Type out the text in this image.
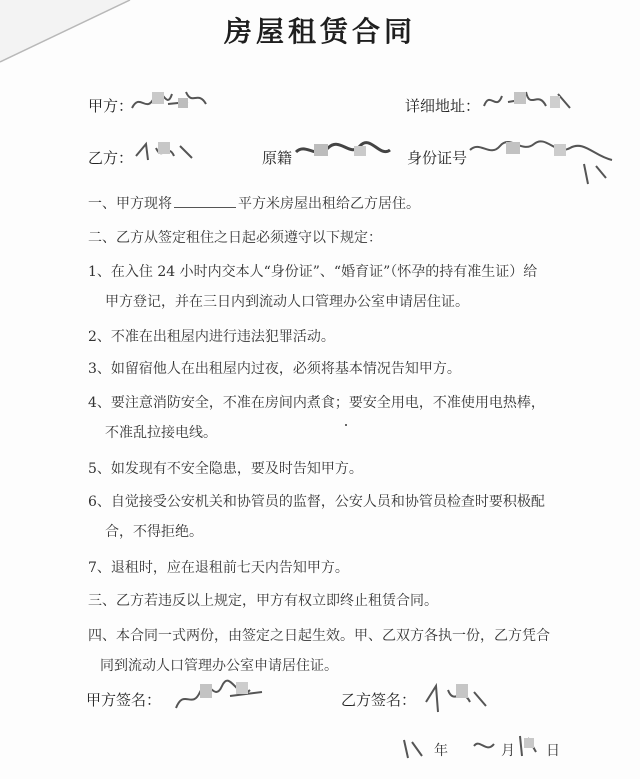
房屋租赁合同
甲方：	详细地址：
乙方：	原籍	身份证号
一、甲方现将	平方米房屋出租给乙方居住。
二、乙方从签定租住之日起必须遵守以下规定：
1、在入住 24 小时内交本人“身份证”、“婚育证”（怀孕的持有准生证）给
甲方登记，并在三日内到流动人口管理办公室申请居住证。
2、不准在出租屋内进行违法犯罪活动。
3、如留宿他人在出租屋内过夜，必须将基本情况告知甲方。
4、要注意消防安全，不准在房间内煮食；要安全用电，不准使用电热棒，
不准乱拉接电线。
5、如发现有不安全隐患，要及时告知甲方。
6、自觉接受公安机关和协管员的监督，公安人员和协管员检查时要积极配
合，不得拒绝。
7、退租时，应在退租前七天内告知甲方。
三、乙方若违反以上规定，甲方有权立即终止租赁合同。
四、本合同一式两份，由签定之日起生效。甲、乙双方各执一份，乙方凭合
同到流动人口管理办公室申请居住证。
甲方签名：	乙方签名：
年	月 日
